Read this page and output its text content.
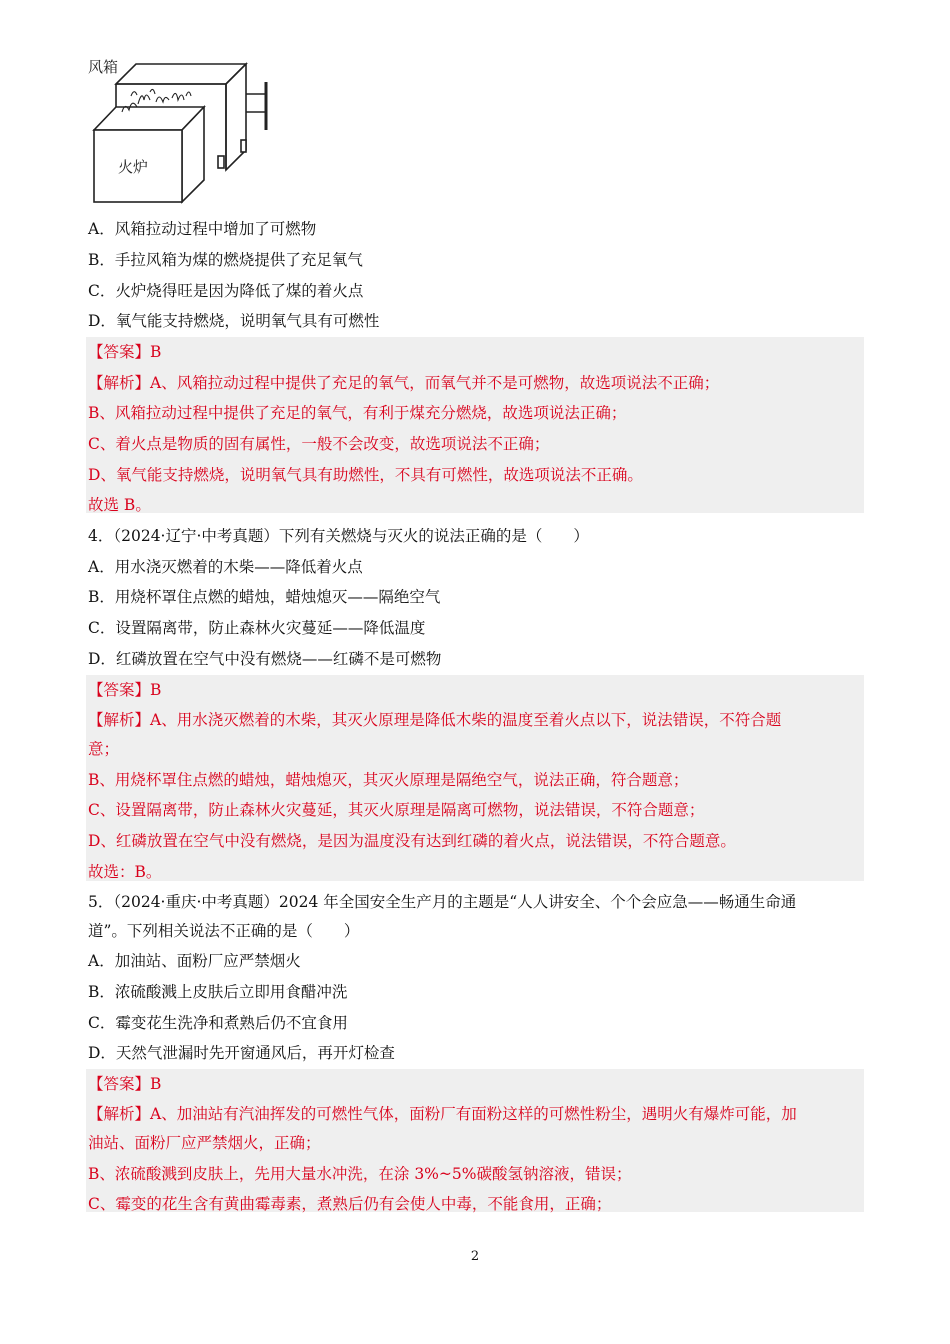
风箱
火炉
A．风箱拉动过程中增加了可燃物
B．手拉风箱为煤的燃烧提供了充足氧气
C．火炉烧得旺是因为降低了煤的着火点
D．氧气能支持燃烧，说明氧气具有可燃性
【答案】B
【解析】A、风箱拉动过程中提供了充足的氧气，而氧气并不是可燃物，故选项说法不正确；
B、风箱拉动过程中提供了充足的氧气，有利于煤充分燃烧，故选项说法正确；
C、着火点是物质的固有属性，一般不会改变，故选项说法不正确；
D、氧气能支持燃烧，说明氧气具有助燃性，不具有可燃性，故选项说法不正确。
故选 B。
4．（2024·辽宁·中考真题）下列有关燃烧与灭火的说法正确的是（　　）
A．用水浇灭燃着的木柴——降低着火点
B．用烧杯罩住点燃的蜡烛，蜡烛熄灭——隔绝空气
C．设置隔离带，防止森林火灾蔓延——降低温度
D．红磷放置在空气中没有燃烧——红磷不是可燃物
【答案】B
【解析】A、用水浇灭燃着的木柴，其灭火原理是降低木柴的温度至着火点以下，说法错误，不符合题
意；
B、用烧杯罩住点燃的蜡烛，蜡烛熄灭，其灭火原理是隔绝空气，说法正确，符合题意；
C、设置隔离带，防止森林火灾蔓延，其灭火原理是隔离可燃物，说法错误，不符合题意；
D、红磷放置在空气中没有燃烧，是因为温度没有达到红磷的着火点，说法错误，不符合题意。
故选：B。
5．（2024·重庆·中考真题）2024 年全国安全生产月的主题是“人人讲安全、个个会应急——畅通生命通
道”。下列相关说法不正确的是（　　）
A．加油站、面粉厂应严禁烟火
B．浓硫酸溅上皮肤后立即用食醋冲洗
C．霉变花生洗净和煮熟后仍不宜食用
D．天然气泄漏时先开窗通风后，再开灯检查
【答案】B
【解析】A、加油站有汽油挥发的可燃性气体，面粉厂有面粉这样的可燃性粉尘，遇明火有爆炸可能，加
油站、面粉厂应严禁烟火，正确；
B、浓硫酸溅到皮肤上，先用大量水冲洗，在涂 3%~5%碳酸氢钠溶液，错误；
C、霉变的花生含有黄曲霉毒素，煮熟后仍有会使人中毒，不能食用，正确；
2
